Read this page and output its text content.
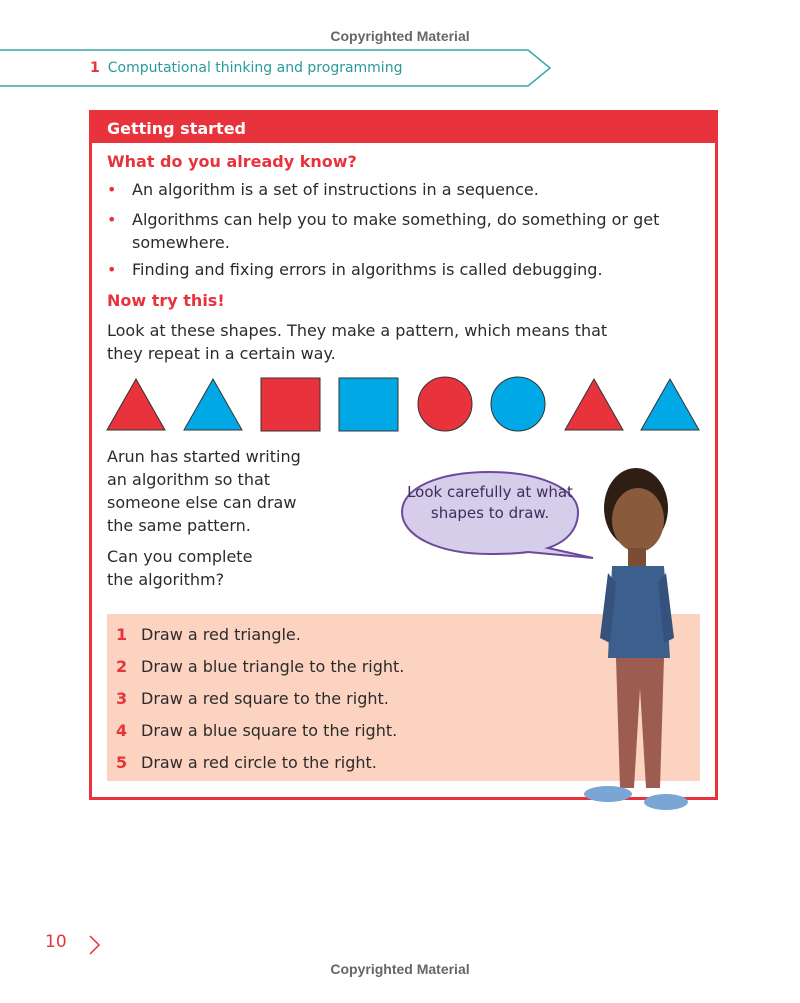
Copyrighted Material
1 Computational thinking and programming
Getting started
What do you already know?
• An algorithm is a set of instructions in a sequence.
• Algorithms can help you to make something, do something or get somewhere.
• Finding and fixing errors in algorithms is called debugging.
Now try this!
Look at these shapes. They make a pattern, which means that they repeat in a certain way.
Arun has started writing an algorithm so that someone else can draw the same pattern.
Can you complete the algorithm?
Look carefully at what shapes to draw.
1 Draw a red triangle.
2 Draw a blue triangle to the right.
3 Draw a red square to the right.
4 Draw a blue square to the right.
5 Draw a red circle to the right.
10
Copyrighted Material
